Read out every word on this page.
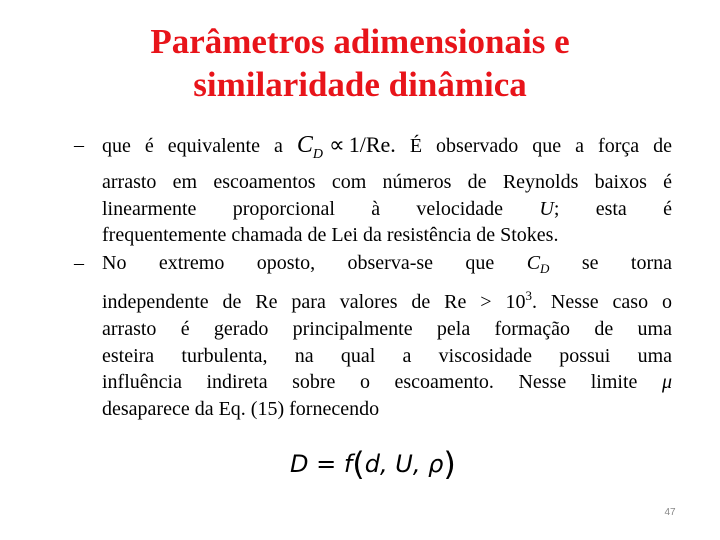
Parâmetros adimensionais e
similaridade dinâmica
– que é equivalente a $C_D \propto 1/Re$. É observado que a força de
arrasto em escoamentos com números de Reynolds baixos é
linearmente proporcional à velocidade U; esta é
frequentemente chamada de Lei da resistência de Stokes.
– No extremo oposto, observa-se que $C_D$ se torna
independente de Re para valores de $Re > 10^3$. Nesse caso o
arrasto é gerado principalmente pela formação de uma
esteira turbulenta, na qual a viscosidade possui uma
influência indireta sobre o escoamento. Nesse limite μ
desaparece da Eq. (15) fornecendo
D = f(d, U, ρ)
47
